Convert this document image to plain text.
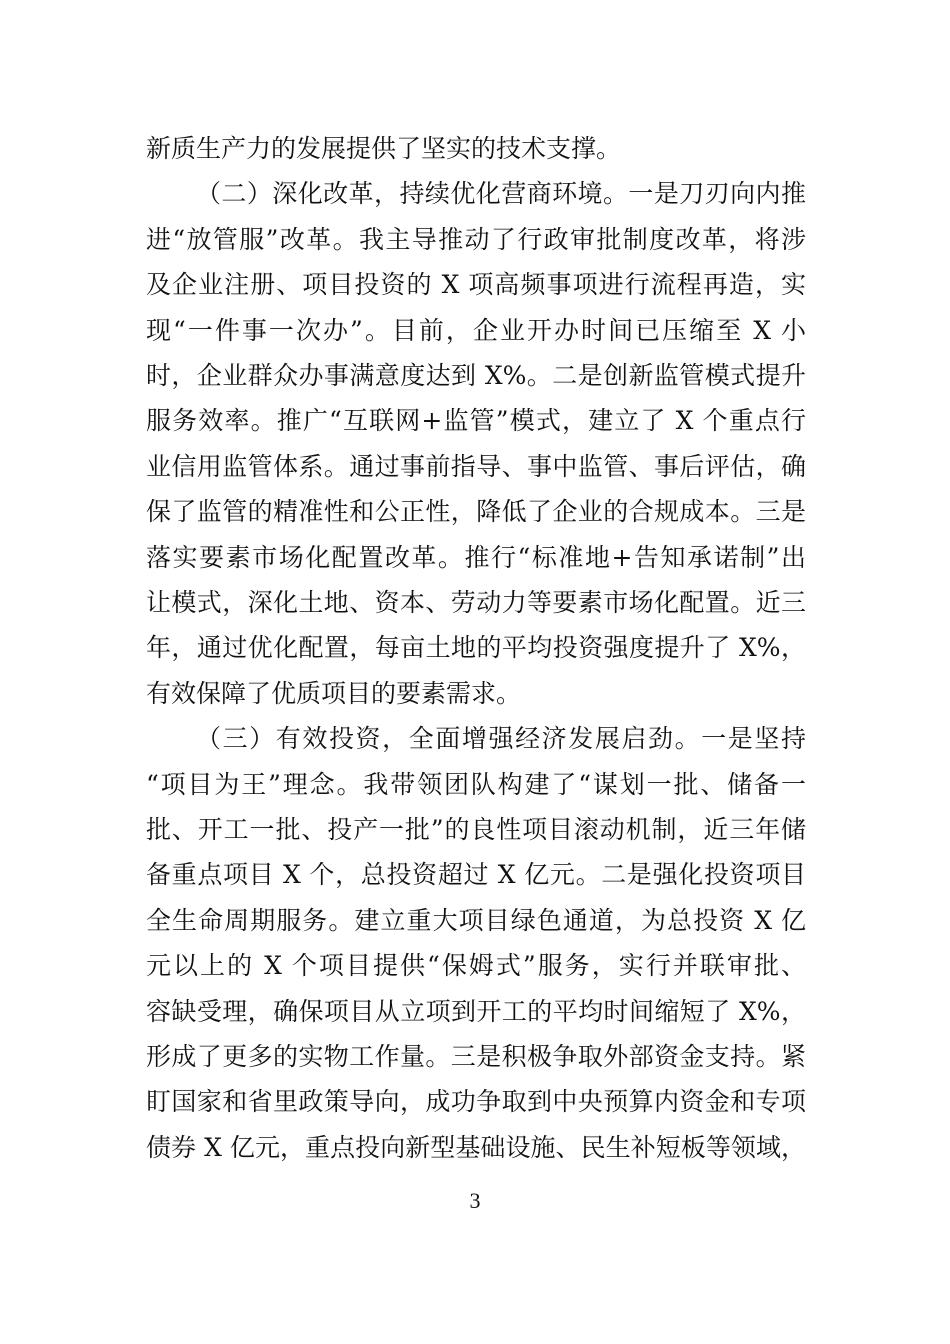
新质生产力的发展提供了坚实的技术支撑。
（二）深化改革，持续优化营商环境。一是刀刃向内推
进“放管服”改革。我主导推动了行政审批制度改革，将涉
及企业注册、项目投资的 X 项高频事项进行流程再造，实
现“一件事一次办”。目前，企业开办时间已压缩至 X 小
时，企业群众办事满意度达到 X%。二是创新监管模式提升
服务效率。推广“互联网+监管”模式，建立了 X 个重点行
业信用监管体系。通过事前指导、事中监管、事后评估，确
保了监管的精准性和公正性，降低了企业的合规成本。三是
落实要素市场化配置改革。推行“标准地+告知承诺制”出
让模式，深化土地、资本、劳动力等要素市场化配置。近三
年，通过优化配置，每亩土地的平均投资强度提升了 X%，
有效保障了优质项目的要素需求。
（三）有效投资，全面增强经济发展启劲。一是坚持
“项目为王”理念。我带领团队构建了“谋划一批、储备一
批、开工一批、投产一批”的良性项目滚动机制，近三年储
备重点项目 X 个，总投资超过 X 亿元。二是强化投资项目
全生命周期服务。建立重大项目绿色通道，为总投资 X 亿
元以上的 X 个项目提供“保姆式”服务，实行并联审批、
容缺受理，确保项目从立项到开工的平均时间缩短了 X%，
形成了更多的实物工作量。三是积极争取外部资金支持。紧
盯国家和省里政策导向，成功争取到中央预算内资金和专项
债券 X 亿元，重点投向新型基础设施、民生补短板等领域，
3
